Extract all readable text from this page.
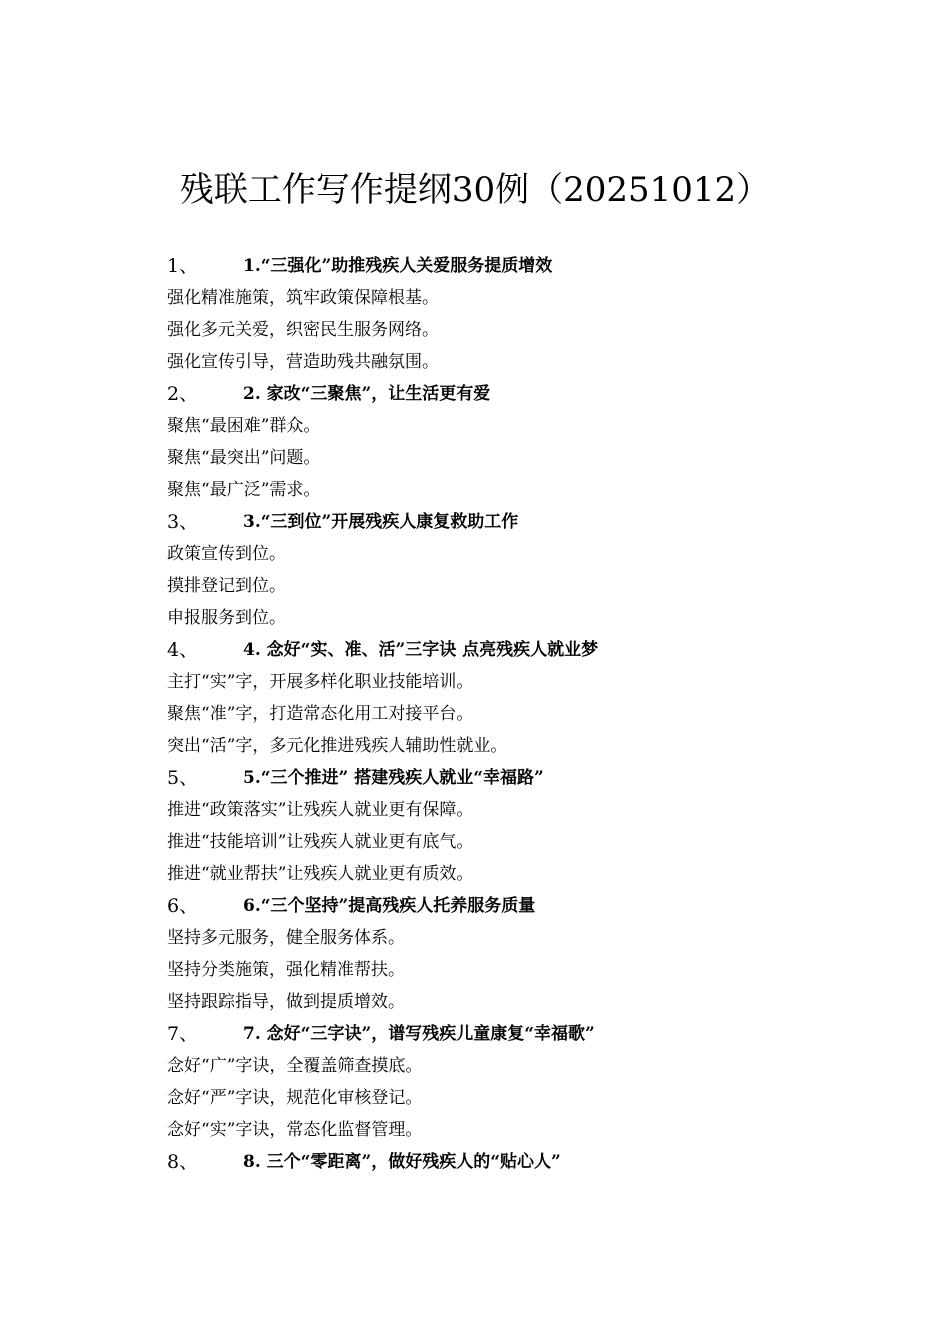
残联工作写作提纲30例（20251012）
1、	1.“三强化”助推残疾人关爱服务提质增效
强化精准施策，筑牢政策保障根基。
强化多元关爱，织密民生服务网络。
强化宣传引导，营造助残共融氛围。
2、	2. 家改“三聚焦”，让生活更有爱
聚焦“最困难”群众。
聚焦“最突出”问题。
聚焦“最广泛”需求。
3、	3.“三到位”开展残疾人康复救助工作
政策宣传到位。
摸排登记到位。
申报服务到位。
4、	4. 念好“实、准、活”三字诀 点亮残疾人就业梦
主打“实”字，开展多样化职业技能培训。
聚焦“准”字，打造常态化用工对接平台。
突出“活”字，多元化推进残疾人辅助性就业。
5、	5.“三个推进” 搭建残疾人就业“幸福路”
推进“政策落实”让残疾人就业更有保障。
推进“技能培训”让残疾人就业更有底气。
推进“就业帮扶”让残疾人就业更有质效。
6、	6.“三个坚持”提高残疾人托养服务质量
坚持多元服务，健全服务体系。
坚持分类施策，强化精准帮扶。
坚持跟踪指导，做到提质增效。
7、	7. 念好“三字诀”，谱写残疾儿童康复“幸福歌”
念好“广”字诀，全覆盖筛查摸底。
念好“严”字诀，规范化审核登记。
念好“实”字诀，常态化监督管理。
8、	8. 三个“零距离”，做好残疾人的“贴心人”
